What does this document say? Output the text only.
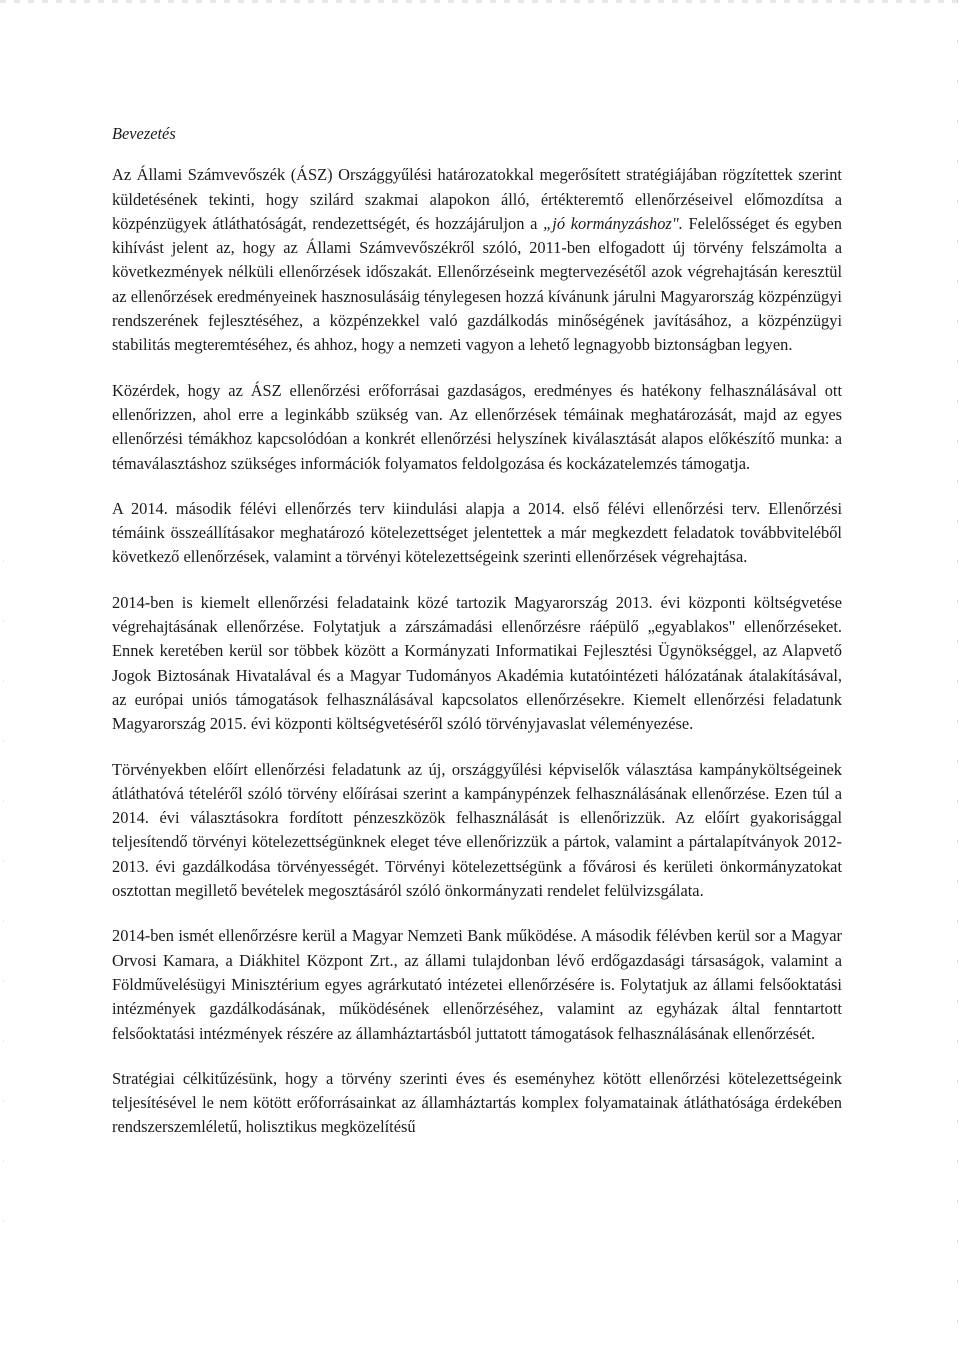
Bevezetés

Az Állami Számvevőszék (ÁSZ) Országgyűlési határozatokkal megerősített stratégiájában rögzítettek szerint küldetésének tekinti, hogy szilárd szakmai alapokon álló, értékteremtő ellenőrzéseivel előmozdítsa a közpénzügyek átláthatóságát, rendezettségét, és hozzájáruljon a „jó kormányzáshoz". Felelősséget és egyben kihívást jelent az, hogy az Állami Számvevőszékről szóló, 2011-ben elfogadott új törvény felszámolta a következmények nélküli ellenőrzések időszakát. Ellenőrzéseink megtervezésétől azok végrehajtásán keresztül az ellenőrzések eredményeinek hasznosulásáig ténylegesen hozzá kívánunk járulni Magyarország közpénzügyi rendszerének fejlesztéséhez, a közpénzekkel való gazdálkodás minőségének javításához, a közpénzügyi stabilitás megteremtéséhez, és ahhoz, hogy a nemzeti vagyon a lehető legnagyobb biztonságban legyen.

Közérdek, hogy az ÁSZ ellenőrzési erőforrásai gazdaságos, eredményes és hatékony felhasználásával ott ellenőrizzen, ahol erre a leginkább szükség van. Az ellenőrzések témáinak meghatározását, majd az egyes ellenőrzési témákhoz kapcsolódóan a konkrét ellenőrzési helyszínek kiválasztását alapos előkészítő munka: a témaválasztáshoz szükséges információk folyamatos feldolgozása és kockázatelemzés támogatja.

A 2014. második félévi ellenőrzés terv kiindulási alapja a 2014. első félévi ellenőrzési terv. Ellenőrzési témáink összeállításakor meghatározó kötelezettséget jelentettek a már megkezdett feladatok továbbviteléből következő ellenőrzések, valamint a törvényi kötelezettségeink szerinti ellenőrzések végrehajtása.

2014-ben is kiemelt ellenőrzési feladataink közé tartozik Magyarország 2013. évi központi költségvetése végrehajtásának ellenőrzése. Folytatjuk a zárszámadási ellenőrzésre ráépülő „egyablakos" ellenőrzéseket. Ennek keretében kerül sor többek között a Kormányzati Informatikai Fejlesztési Ügynökséggel, az Alapvető Jogok Biztosának Hivatalával és a Magyar Tudományos Akadémia kutatóintézeti hálózatának átalakításával, az európai uniós támogatások felhasználásával kapcsolatos ellenőrzésekre. Kiemelt ellenőrzési feladatunk Magyarország 2015. évi központi költségvetéséről szóló törvényjavaslat véleményezése.

Törvényekben előírt ellenőrzési feladatunk az új, országgyűlési képviselők választása kampányköltségeinek átláthatóvá tételéről szóló törvény előírásai szerint a kampánypénzek felhasználásának ellenőrzése. Ezen túl a 2014. évi választásokra fordított pénzeszközök felhasználását is ellenőrizzük. Az előírt gyakorisággal teljesítendő törvényi kötelezettségünknek eleget téve ellenőrizzük a pártok, valamint a pártalapítványok 2012-2013. évi gazdálkodása törvényességét. Törvényi kötelezettségünk a fővárosi és kerületi önkormányzatokat osztottan megillető bevételek megosztásáról szóló önkormányzati rendelet felülvizsgálata.

2014-ben ismét ellenőrzésre kerül a Magyar Nemzeti Bank működése. A második félévben kerül sor a Magyar Orvosi Kamara, a Diákhitel Központ Zrt., az állami tulajdonban lévő erdőgazdasági társaságok, valamint a Földművelésügyi Minisztérium egyes agrárkutató intézetei ellenőrzésére is. Folytatjuk az állami felsőoktatási intézmények gazdálkodásának, működésének ellenőrzéséhez, valamint az egyházak által fenntartott felsőoktatási intézmények részére az államháztartásból juttatott támogatások felhasználásának ellenőrzését.

Stratégiai célkitűzésünk, hogy a törvény szerinti éves és eseményhez kötött ellenőrzési kötelezettségeink teljesítésével le nem kötött erőforrásainkat az államháztartás komplex folyamatainak átláthatósága érdekében rendszerszemléletű, holisztikus megközelítésű
